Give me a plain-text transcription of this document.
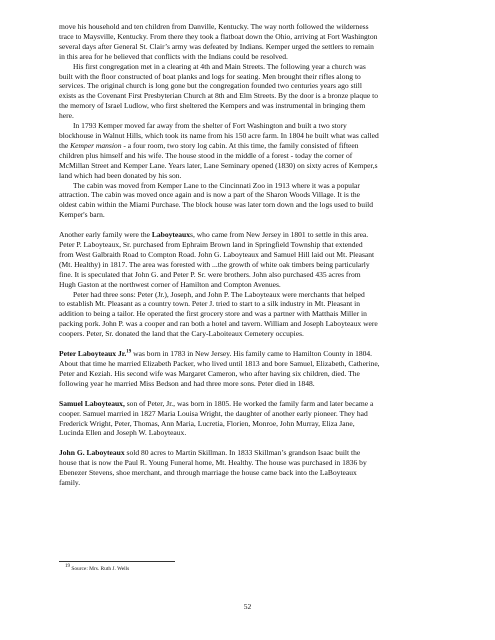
move his household and ten children from Danville, Kentucky. The way north followed the wilderness
trace to Maysville, Kentucky. From there they took a flatboat down the Ohio, arriving at Fort Washington
several days after General St. Clair’s army was defeated by Indians. Kemper urged the settlers to remain
in this area for he believed that conflicts with the Indians could be resolved.

His first congregation met in a clearing at 4th and Main Streets. The following year a church was
built with the floor constructed of boat planks and logs for seating. Men brought their rifles along to
services. The original church is long gone but the congregation founded two centuries years ago still
exists as the Covenant First Presbyterian Church at 8th and Elm Streets. By the door is a bronze plaque to
the memory of Israel Ludlow, who first sheltered the Kempers and was instrumental in bringing them
here.

In 1793 Kemper moved far away from the shelter of Fort Washington and built a two story
blockhouse in Walnut Hills, which took its name from his 150 acre farm. In 1804 he built what was called
the Kemper mansion - a four room, two story log cabin. At this time, the family consisted of fifteen
children plus himself and his wife. The house stood in the middle of a forest - today the corner of
McMillan Street and Kemper Lane. Years later, Lane Seminary opened (1830) on sixty acres of Kemper,s
land which had been donated by his son.

The cabin was moved from Kemper Lane to the Cincinnati Zoo in 1913 where it was a popular
attraction. The cabin was moved once again and is now a part of the Sharon Woods Village. It is the
oldest cabin within the Miami Purchase. The block house was later torn down and the logs used to build
Kemper's barn.

Another early family were the Laboyteauxs, who came from New Jersey in 1801 to settle in this area.
Peter P. Laboyteaux, Sr. purchased from Ephraim Brown land in Springfield Township that extended
from West Galbraith Road to Compton Road. John G. Laboyteaux and Samuel Hill laid out Mt. Pleasant
(Mt. Healthy) in 1817. The area was forested with ...the growth of white oak timbers being particularly
fine. It is speculated that John G. and Peter P. Sr. were brothers. John also purchased 435 acres from
Hugh Gaston at the northwest corner of Hamilton and Compton Avenues.

Peter had three sons: Peter (Jr.), Joseph, and John P. The Laboyteaux were merchants that helped
to establish Mt. Pleasant as a country town. Peter J. tried to start to a silk industry in Mt. Pleasant in
addition to being a tailor. He operated the first grocery store and was a partner with Matthais Miller in
packing pork. John P. was a cooper and ran both a hotel and tavern. William and Joseph Laboyteaux were
coopers. Peter, Sr. donated the land that the Cary-Laboiteaux Cemetery occupies.

Peter Laboyteaux Jr.$^{19}$ was born in 1783 in New Jersey. His family came to Hamilton County in 1804.
About that time he married Elizabeth Packer, who lived until 1813 and bore Samuel, Elizabeth, Catherine,
Peter and Keziah. His second wife was Margaret Cameron, who after having six children, died. The
following year he married Miss Bedson and had three more sons. Peter died in 1848.

Samuel Laboyteaux, son of Peter, Jr., was born in 1805. He worked the family farm and later became a
cooper. Samuel married in 1827 Maria Louisa Wright, the daughter of another early pioneer. They had
Frederick Wright, Peter, Thomas, Ann Maria, Lucretia, Florien, Monroe, John Murray, Eliza Jane,
Lucinda Ellen and Joseph W. Laboyteaux.

John G. Laboyteaux sold 80 acres to Martin Skillman. In 1833 Skillman’s grandson Isaac built the
house that is now the Paul R. Young Funeral home, Mt. Healthy. The house was purchased in 1836 by
Ebenezer Stevens, shoe merchant, and through marriage the house came back into the LaBoyteaux
family.

$^{19}$ Source: Mrs. Ruth J. Wells
52
